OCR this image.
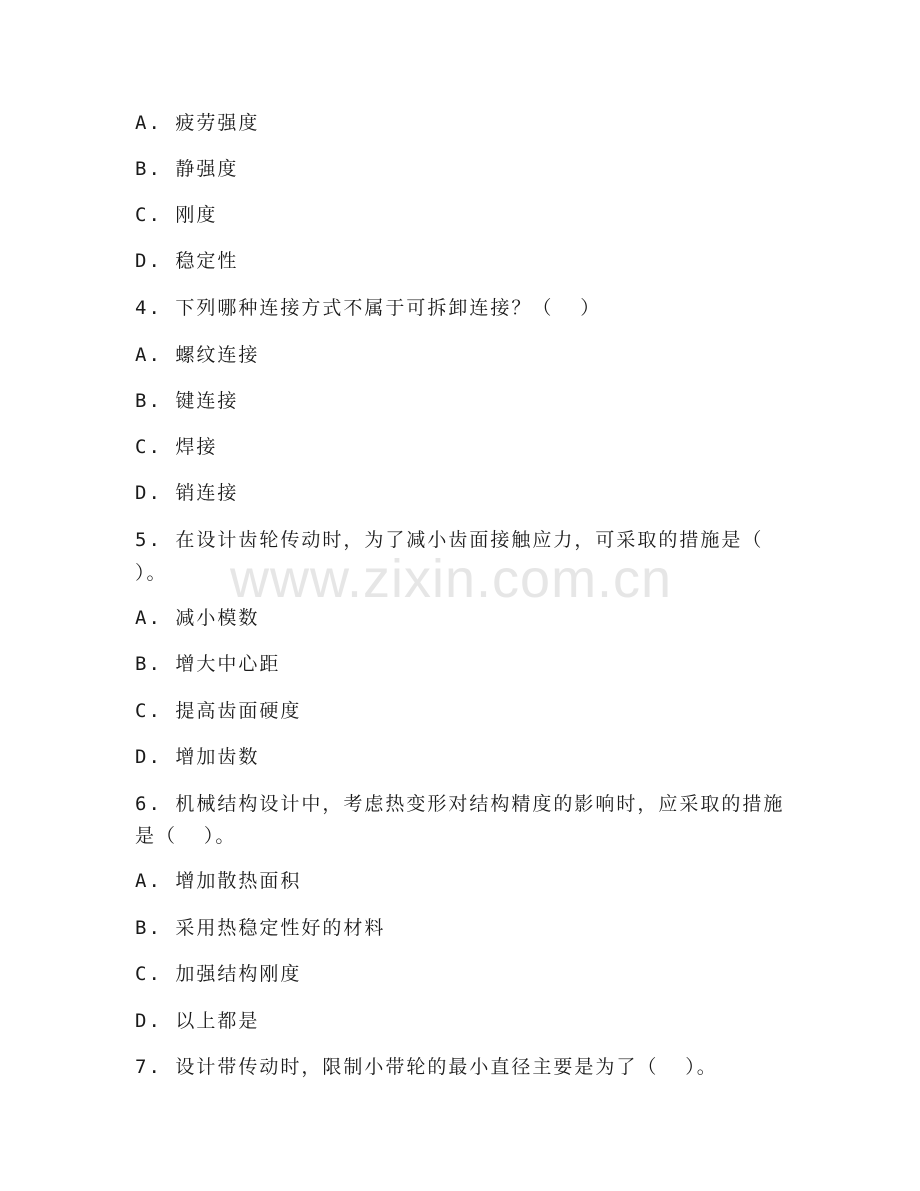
www.zixin.com.cn
A. 疲劳强度
B. 静强度
C. 刚度
D. 稳定性
4. 下列哪种连接方式不属于可拆卸连接？（  ）
A. 螺纹连接
B. 键连接
C. 焊接
D. 销连接
5. 在设计齿轮传动时，为了减小齿面接触应力，可采取的措施是（
）。
A. 减小模数
B. 增大中心距
C. 提高齿面硬度
D. 增加齿数
6. 机械结构设计中，考虑热变形对结构精度的影响时，应采取的措施
是（  ）。
A. 增加散热面积
B. 采用热稳定性好的材料
C. 加强结构刚度
D. 以上都是
7. 设计带传动时，限制小带轮的最小直径主要是为了（  ）。
